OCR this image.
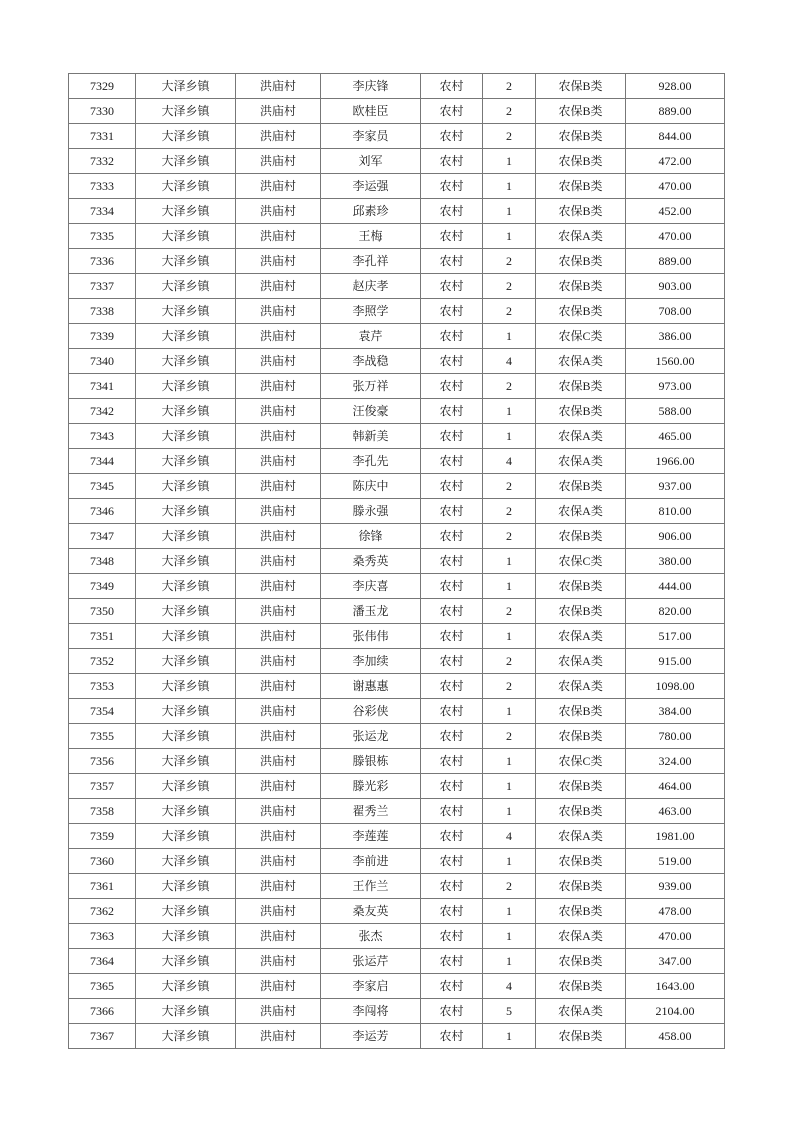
7329	大泽乡镇	洪庙村	李庆锋	农村	2	农保B类	928.00
7330	大泽乡镇	洪庙村	欧桂臣	农村	2	农保B类	889.00
7331	大泽乡镇	洪庙村	李家员	农村	2	农保B类	844.00
7332	大泽乡镇	洪庙村	刘军	农村	1	农保B类	472.00
7333	大泽乡镇	洪庙村	李运强	农村	1	农保B类	470.00
7334	大泽乡镇	洪庙村	邱素珍	农村	1	农保B类	452.00
7335	大泽乡镇	洪庙村	王梅	农村	1	农保A类	470.00
7336	大泽乡镇	洪庙村	李孔祥	农村	2	农保B类	889.00
7337	大泽乡镇	洪庙村	赵庆孝	农村	2	农保B类	903.00
7338	大泽乡镇	洪庙村	李照学	农村	2	农保B类	708.00
7339	大泽乡镇	洪庙村	袁芹	农村	1	农保C类	386.00
7340	大泽乡镇	洪庙村	李战稳	农村	4	农保A类	1560.00
7341	大泽乡镇	洪庙村	张万祥	农村	2	农保B类	973.00
7342	大泽乡镇	洪庙村	汪俊豪	农村	1	农保B类	588.00
7343	大泽乡镇	洪庙村	韩新美	农村	1	农保A类	465.00
7344	大泽乡镇	洪庙村	李孔先	农村	4	农保A类	1966.00
7345	大泽乡镇	洪庙村	陈庆中	农村	2	农保B类	937.00
7346	大泽乡镇	洪庙村	滕永强	农村	2	农保A类	810.00
7347	大泽乡镇	洪庙村	徐锋	农村	2	农保B类	906.00
7348	大泽乡镇	洪庙村	桑秀英	农村	1	农保C类	380.00
7349	大泽乡镇	洪庙村	李庆喜	农村	1	农保B类	444.00
7350	大泽乡镇	洪庙村	潘玉龙	农村	2	农保B类	820.00
7351	大泽乡镇	洪庙村	张伟伟	农村	1	农保A类	517.00
7352	大泽乡镇	洪庙村	李加续	农村	2	农保A类	915.00
7353	大泽乡镇	洪庙村	谢惠惠	农村	2	农保A类	1098.00
7354	大泽乡镇	洪庙村	谷彩侠	农村	1	农保B类	384.00
7355	大泽乡镇	洪庙村	张运龙	农村	2	农保B类	780.00
7356	大泽乡镇	洪庙村	滕银栋	农村	1	农保C类	324.00
7357	大泽乡镇	洪庙村	滕光彩	农村	1	农保B类	464.00
7358	大泽乡镇	洪庙村	翟秀兰	农村	1	农保B类	463.00
7359	大泽乡镇	洪庙村	李莲莲	农村	4	农保A类	1981.00
7360	大泽乡镇	洪庙村	李前进	农村	1	农保B类	519.00
7361	大泽乡镇	洪庙村	王作兰	农村	2	农保B类	939.00
7362	大泽乡镇	洪庙村	桑友英	农村	1	农保B类	478.00
7363	大泽乡镇	洪庙村	张杰	农村	1	农保A类	470.00
7364	大泽乡镇	洪庙村	张运芹	农村	1	农保B类	347.00
7365	大泽乡镇	洪庙村	李家启	农村	4	农保B类	1643.00
7366	大泽乡镇	洪庙村	李闯将	农村	5	农保A类	2104.00
7367	大泽乡镇	洪庙村	李运芳	农村	1	农保B类	458.00
